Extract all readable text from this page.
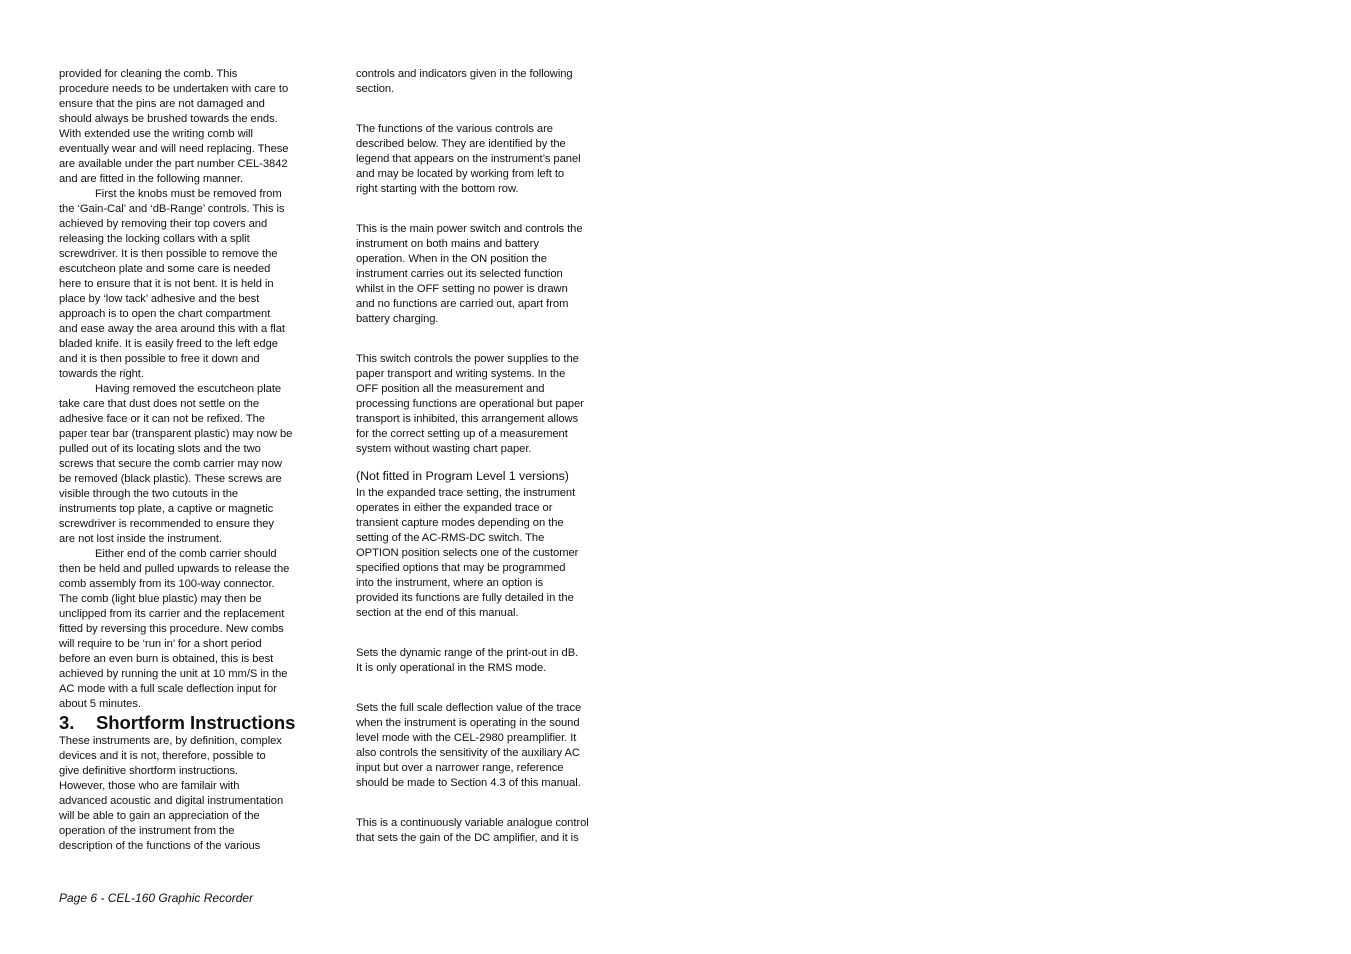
provided for cleaning the comb. This
procedure needs to be undertaken with care to
ensure that the pins are not damaged and
should always be brushed towards the ends.
With extended use the writing comb will
eventually wear and will need replacing. These
are available under the part number CEL-3842
and are fitted in the following manner.

First the knobs must be removed from
the ‘Gain-Cal’ and ‘dB-Range’ controls. This is
achieved by removing their top covers and
releasing the locking collars with a split
screwdriver. It is then possible to remove the
escutcheon plate and some care is needed
here to ensure that it is not bent. It is held in
place by ‘low tack’ adhesive and the best
approach is to open the chart compartment
and ease away the area around this with a flat
bladed knife. It is easily freed to the left edge
and it is then possible to free it down and
towards the right.

Having removed the escutcheon plate
take care that dust does not settle on the
adhesive face or it can not be refixed. The
paper tear bar (transparent plastic) may now be
pulled out of its locating slots and the two
screws that secure the comb carrier may now
be removed (black plastic). These screws are
visible through the two cutouts in the
instruments top plate, a captive or magnetic
screwdriver is recommended to ensure they
are not lost inside the instrument.

Either end of the comb carrier should
then be held and pulled upwards to release the
comb assembly from its 100-way connector.
The comb (light blue plastic) may then be
unclipped from its carrier and the replacement
fitted by reversing this procedure. New combs
will require to be ‘run in’ for a short period
before an even burn is obtained, this is best
achieved by running the unit at 10 mm/S in the
AC mode with a full scale deflection input for
about 5 minutes.

3. Shortform Instructions

These instruments are, by definition, complex
devices and it is not, therefore, possible to
give definitive shortform instructions.
However, those who are familair with
advanced acoustic and digital instrumentation
will be able to gain an appreciation of the
operation of the instrument from the
description of the functions of the various

controls and indicators given in the following
section.

The functions of the various controls are
described below. They are identified by the
legend that appears on the instrument’s panel
and may be located by working from left to
right starting with the bottom row.

This is the main power switch and controls the
instrument on both mains and battery
operation. When in the ON position the
instrument carries out its selected function
whilst in the OFF setting no power is drawn
and no functions are carried out, apart from
battery charging.

This switch controls the power supplies to the
paper transport and writing systems. In the
OFF position all the measurement and
processing functions are operational but paper
transport is inhibited, this arrangement allows
for the correct setting up of a measurement
system without wasting chart paper.

(Not fitted in Program Level 1 versions)

In the expanded trace setting, the instrument
operates in either the expanded trace or
transient capture modes depending on the
setting of the AC-RMS-DC switch. The
OPTION position selects one of the customer
specified options that may be programmed
into the instrument, where an option is
provided its functions are fully detailed in the
section at the end of this manual.

Sets the dynamic range of the print-out in dB.
It is only operational in the RMS mode.

Sets the full scale deflection value of the trace
when the instrument is operating in the sound
level mode with the CEL-2980 preamplifier. It
also controls the sensitivity of the auxiliary AC
input but over a narrower range, reference
should be made to Section 4.3 of this manual.

This is a continuously variable analogue control
that sets the gain of the DC amplifier, and it is

Page 6 - CEL-160 Graphic Recorder
